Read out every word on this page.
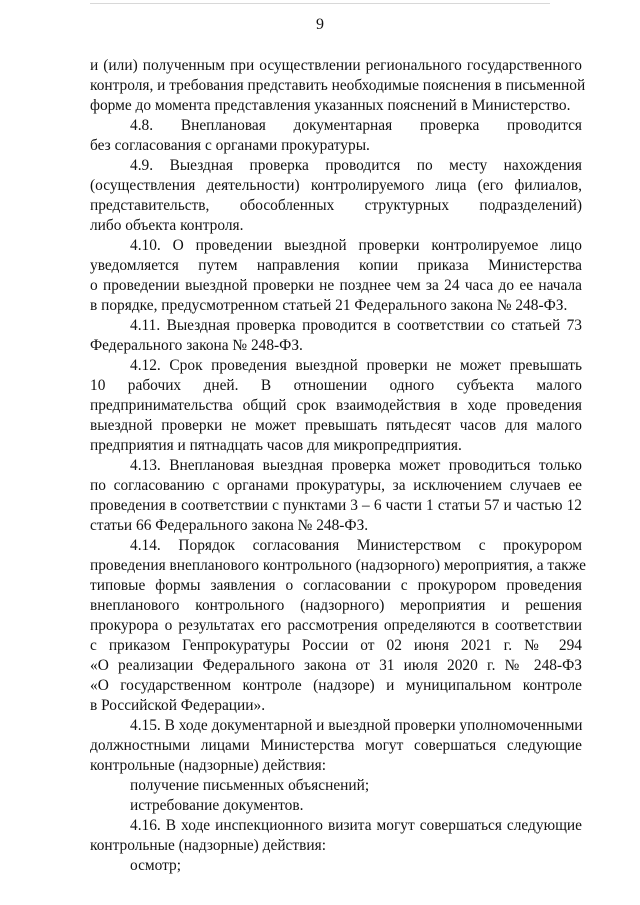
9
и (или) полученным при осуществлении регионального государственного
контроля, и требования представить необходимые пояснения в письменной
форме до момента представления указанных пояснений в Министерство.
4.8. Внеплановая документарная проверка проводится
без согласования с органами прокуратуры.
4.9. Выездная проверка проводится по месту нахождения
(осуществления деятельности) контролируемого лица (его филиалов,
представительств, обособленных структурных подразделений)
либо объекта контроля.
4.10. О проведении выездной проверки контролируемое лицо
уведомляется путем направления копии приказа Министерства
о проведении выездной проверки не позднее чем за 24 часа до ее начала
в порядке, предусмотренном статьей 21 Федерального закона № 248-ФЗ.
4.11. Выездная проверка проводится в соответствии со статьей 73
Федерального закона № 248-ФЗ.
4.12. Срок проведения выездной проверки не может превышать
10 рабочих дней. В отношении одного субъекта малого
предпринимательства общий срок взаимодействия в ходе проведения
выездной проверки не может превышать пятьдесят часов для малого
предприятия и пятнадцать часов для микропредприятия.
4.13. Внеплановая выездная проверка может проводиться только
по согласованию с органами прокуратуры, за исключением случаев ее
проведения в соответствии с пунктами 3 – 6 части 1 статьи 57 и частью 12
статьи 66 Федерального закона № 248-ФЗ.
4.14. Порядок согласования Министерством с прокурором
проведения внепланового контрольного (надзорного) мероприятия, а также
типовые формы заявления о согласовании с прокурором проведения
внепланового контрольного (надзорного) мероприятия и решения
прокурора о результатах его рассмотрения определяются в соответствии
с приказом Генпрокуратуры России от 02 июня 2021 г. № 294
«О реализации Федерального закона от 31 июля 2020 г. № 248-ФЗ
«О государственном контроле (надзоре) и муниципальном контроле
в Российской Федерации».
4.15. В ходе документарной и выездной проверки уполномоченными
должностными лицами Министерства могут совершаться следующие
контрольные (надзорные) действия:
получение письменных объяснений;
истребование документов.
4.16. В ходе инспекционного визита могут совершаться следующие
контрольные (надзорные) действия:
осмотр;
